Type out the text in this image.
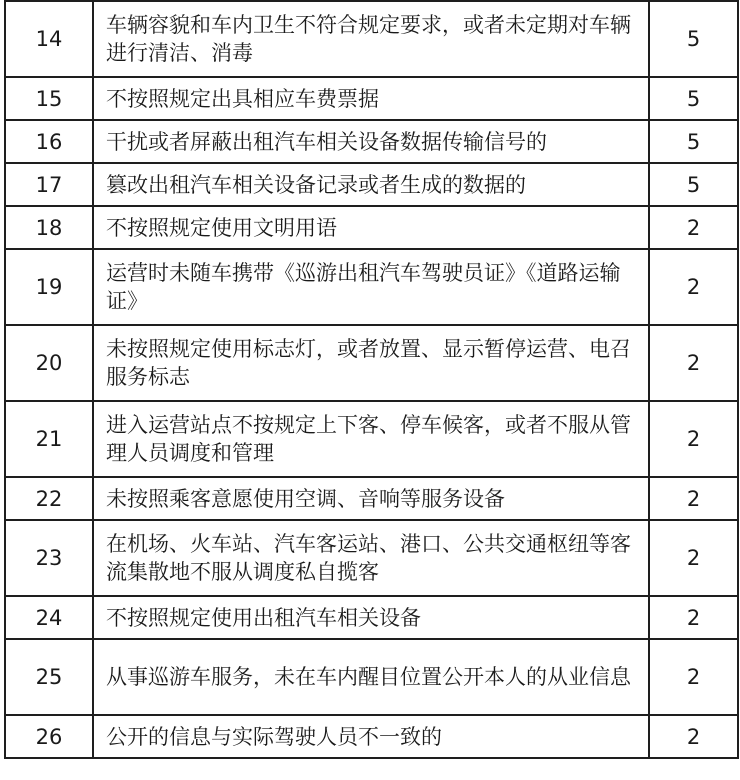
14	车辆容貌和车内卫生不符合规定要求，或者未定期对车辆进行清洁、消毒	5
15	不按照规定出具相应车费票据	5
16	干扰或者屏蔽出租汽车相关设备数据传输信号的	5
17	篡改出租汽车相关设备记录或者生成的数据的	5
18	不按照规定使用文明用语	2
19	运营时未随车携带《巡游出租汽车驾驶员证》《道路运输证》	2
20	未按照规定使用标志灯，或者放置、显示暂停运营、电召服务标志	2
21	进入运营站点不按规定上下客、停车候客，或者不服从管理人员调度和管理	2
22	未按照乘客意愿使用空调、音响等服务设备	2
23	在机场、火车站、汽车客运站、港口、公共交通枢纽等客流集散地不服从调度私自揽客	2
24	不按照规定使用出租汽车相关设备	2
25	从事巡游车服务，未在车内醒目位置公开本人的从业信息	2
26	公开的信息与实际驾驶人员不一致的	2
